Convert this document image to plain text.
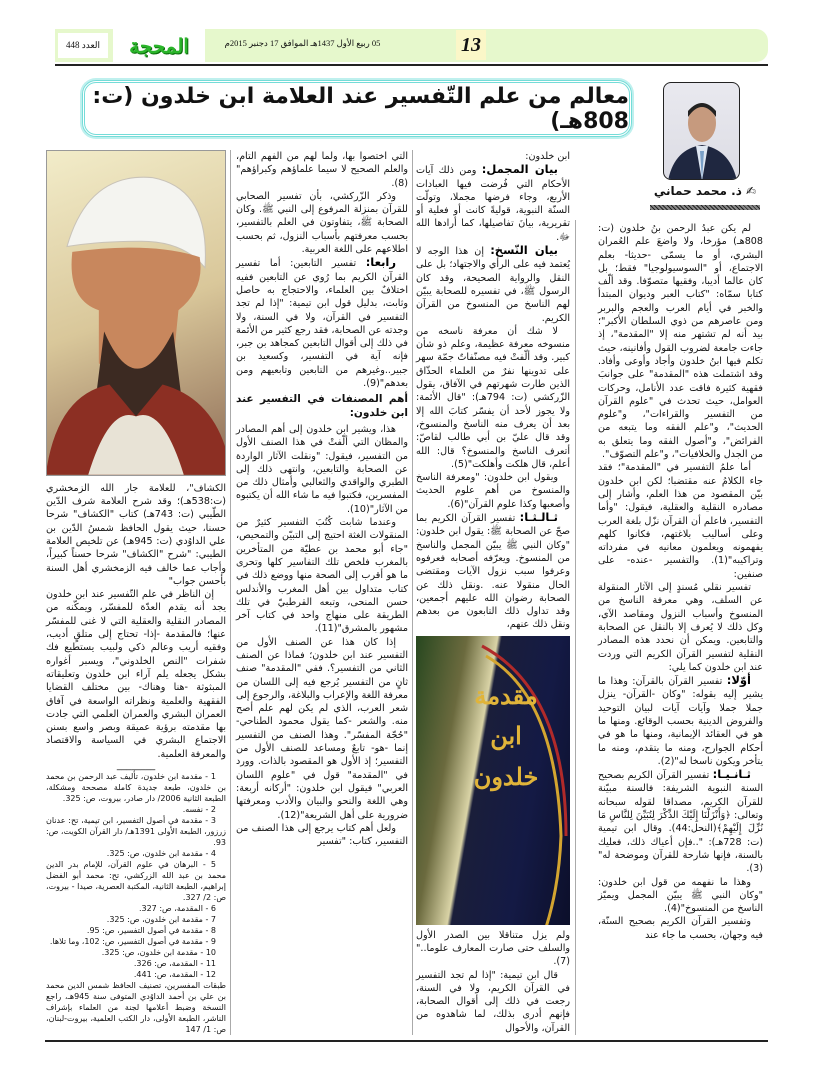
العدد 448	المحجة	05 ربيع الأول 1437هـ الموافق 17 دجنبر 2015م	13
معالم من علم التّفسير عند العلامة ابن خلدون (ت: 808هـ)
✍ ذ. محمد حماني

لم يكن عبدُ الرحمن بنُ خلدون (ت: 808هـ) مؤرخا، ولا واضعَ علم العُمران البشري، أو ما يسمّى -حديثا- بعلم الاجتماع، أو "السوسيولوجيا" فقط؛ بل كان عالما أديبا، وفقيها متصوّفا. وقد ألّف كتابا سمّاه: "كتاب العبر وديوان المبتدأ والخبر في أيام العرب والعجم والبربر ومن عاصرهم من ذوي السلطان الأكبر"؛ بيد أنه لم تشتهر منه إلا "المقدمة"، إذ جاءت جامعة لضروب القول وأفانينه، حيث تكلم فيها ابنُ خلدون وأجاد وأوعى وأفاد. وقد اشتملت هذه "المقدمة" على جوانبَ فقهية كثيرة فاقت عدد الأنامل، وحركات العوامل، حيث تحدث في "علوم القرآن من التفسير والقراءات"، و"علوم الحديث"، و"علم الفقه وما يتبعه من الفرائض"، و"أصول الفقه وما يتعلق به من الجدل والخلافيات"، و"علم التصوّف".

أما علمُ التفسير في "المقدمة"؛ فقد جاء الكلامُ عنه مقتضبا؛ لكن ابن خلدون بيّن المقصود من هذا العلم، وأشار إلى مصادره النقلية والعقلية، فيقول: "وأما التفسير، فاعلم أن القرآن نزّل بلغة العرب وعلى أساليب بلاغتهم، فكانوا كلهم يفهمونه ويعلمون معانيه في مفرداته وتراكيبه"(1). والتفسير -عنده- على صنفين:

تفسير نقلي مُسندٍ إلى الآثار المنقولة عن السلف، وهي معرفة الناسخ من المنسوخ وأسباب النزول ومقاصد الآي، وكل ذلك لا يُعرف إلا بالنقل عن الصحابة والتابعين. ويمكن أن نحدد هذه المصادر النقلية لتفسير القرآن الكريم التي وردت عند ابن خلدون كما يلي:

أوّلا: تفسير القرآن بالقرآن: وهذا ما يشير إليه بقوله: "وكان -القرآن- ينزل جملا جملا وآيات آيات لبيان التوحيد والفروض الدينية بحسب الوقائع. ومنها ما هو في العقائد الإيمانية، ومنها ما هو في أحكام الجوارح، ومنه ما يتقدم، ومنه ما يتأخر ويكون ناسخا له"(2).

ثـانـيـا: تفسير القرآن الكريم بصحيح السنة النبوية الشريفة: فالسنة مبيّنة للقرآن الكريم، مصداقا لقوله سبحانه وتعالى: ﴿وَأَنْزَلْنَا إِلَيْكَ الذِّكْرَ لِتُبَيِّنَ لِلنَّاسِ مَا نُزِّلَ إِلَيْهِمْ﴾(النحل:44). وقال ابن تيمية (ت: 728هـ): "..فإن أعياك ذلك، فعليك بالسنة، فإنها شارحة للقرآن وموضحة له"(3).

وهذا ما نفهمه من قول ابن خلدون: "وكان النبي ﷺ يبيّن المجمل ويميّز الناسخ من المنسوخ"(4).

وتفسير القرآن الكريم بصحيح السنّة، فيه وجهان، بحسب ما جاء عند

ابن خلدون:

بيان المجمل: ومن ذلك آيات الأحكام التي فُرضت فيها العبادات الأربع، وجاء فرضها مجملا، وتولّت السنّة النبوية، قوليةً كانت أو فعلية أو تقريرية، بيانَ تفاصيلها، كما أرادها الله ﷻ.

بيان النّسخ: إن هذا الوجه لا يُعتمد فيه على الرأي والاجتهاد؛ بل على النقل والرواية الصحيحة، وقد كان الرسول ﷺ، في تفسيره للصحابة يبيّن لهم الناسخ من المنسوخ من القرآن الكريم.

لا شك أن معرفة ناسخه من منسوخه معرفة عظيمة، وعلم ذو شأن كبير. وقد ألّفتْ فيه مصنّفاتٌ جمّة سهر على تدوينها نفرٌ من العلماء الحذّاق الذين طارت شهرتهم في الآفاق، يقول الزّركشي (ت: 794هـ): "قال الأئمة: ولا يجوز لأحد أن يفسّر كتابَ الله إلا بعد أن يعرف منه الناسخ والمنسوخ، وقد قال عليّ بن أبي طالب لقاصّ: أتعرف الناسخ والمنسوخ؟ قال: الله أعلم، قال هلكت وأهلكت"(5).

ويقول ابن خلدون: "ومعرفة الناسخ والمنسوخ من أهم علوم الحديث وأصعبها وكذا علوم القرآن"(6).

ثـالـثـا: تفسير القرآن الكريم بما صحّ عن الصحابة ﷺ: يقول ابن خلدون: "وكان النبي ﷺ يبيّن المجمل والناسخ من المنسوخ. ويعرّفه أصحابه فعرفوه وعرفوا سبب نزول الآيات ومقتضى الحال منقولا عنه. .ونقل ذلك عن الصحابة رضوان الله عليهم أجمعين، وقد تداول ذلك التابعون من بعدهم ونقل ذلك عنهم،

مقدمة ابن خلدون

ولم يزل متناقلا بين الصدر الأول والسلف حتى صارت المعارف علوما.."(7).

قال ابن تيمية: "إذا لم تجد التفسير في القرآن الكريم، ولا في السنة، رجعت في ذلك إلى أقوال الصحابة، فإنهم أدرى بذلك، لما شاهدوه من القرآن، والأحوال

التي اختصوا بها، ولما لهم من الفهم التام، والعلم الصحيح لا سيما علماؤهم وكبراؤهم"(8).

وذكر الزّركشي، بأن تفسير الصحابي للقرآن بمنزلة المرفوع إلى النبي ﷺ. وكان الصحابة ﷺ، يتفاوتون في العلم بالتفسير، بحسب معرفتهم بأسباب النزول، ثم بحسب اطلاعهم على اللغة العربية.

رابعا: تفسير التابعين: أما تفسير القرآن الكريم بما رُوي عن التابعين ففيه اختلافٌ بين العلماء، والاحتجاج به حاصل وثابت، بدليل قول ابن تيمية: "إذا لم تجد التفسير في القرآن، ولا في السنة، ولا وجدته عن الصحابة، فقد رجع كثير من الأئمة في ذلك إلى أقوال التابعين كمجاهد بن جبر، فإنه آية في التفسير، وكسعيد بن جبير..وغيرهم من التابعين وتابعيهم ومن بعدهم"(9).

أهم المصنفات في التفسير عند ابن خلدون:

هذا، ويشير ابن خلدون إلى أهم المصادر والمظان التي ألّفتْ في هذا الصنف الأول من التفسير، فيقول: "ونقلت الآثار الواردة عن الصحابة والتابعين، وانتهى ذلك إلى الطبري والواقدي والثعالبي وأمثال ذلك من المفسرين، فكتبوا فيه ما شاء الله أن يكتبوه من الآثار"(10).

وعندما شابت كُتُبَ التفسير كثيرٌ من المنقولات الغثة احتيج إلى التبيّن والتمحيص، "جاء أبو محمد بن عطيّة من المتأخرين بالمغرب فلخص تلك التفاسير كلها وتحرى ما هو أقرب إلى الصحة منها ووضع ذلك في كتاب متداول بين أهل المغرب والأندلس حسن المنحى، وتبعه القرطبيّ في تلك الطريقة على منهاج واحد في كتاب آخر مشهور بالمشرق"(11).

إذا كان هذا عن الصنف الأول من التفسير عند ابن خلدون؛ فماذا عن الصنف الثاني من التفسير؟. ففي "المقدمة" صنف ثانٍ من التفسير يُرجع فيه إلى اللسان من معرفة اللغة والإعراب والبلاغة، والرجوع إلى شعر العرب، الذي لم يكن لهم علم أصح منه. والشعر -كما يقول محمود الطناحي- "حُجّة المفسّر". وهذا الصنف من التفسير إنما -هو- تابعٌ ومساعد للصنف الأول من التفسير؛ إذ الأول هو المقصود بالذات. وورد في "المقدمة" قول في "علوم اللسان العربي" فيقول ابن خلدون: "أركانه أربعة: وهي اللغة والنحو والبيان والأدب ومعرفتها ضرورية على أهل الشريعة"(12).

ولعل أهم كتاب يرجع إلى هذا الصنف من التفسير، كتاب: "تفسير

الكشاف"، للعلامة جار الله الزمخشري (ت:538هـ)؛ وقد شرح العلامة شرف الدّين الطّيبي (ت: 743هـ) كتاب "الكشاف" شرحا حسنا، حيث يقول الحافظ شمسُ الدّين بن علي الداوُدي (ت: 945هـ) عن تلخيص العلامة الطيبي: "شرح "الكشاف" شرحا حسناً كبيراً، وأجاب عما خالف فيه الزمخشري أهل السنة بأحسن جواب"

إن الناظر في علم التّفسير عند ابن خلدون يجد أنه يقدم العدّة للمفسّر، ويمكّنه من المصادر النقلية والعقلية التي لا غنى للمفسّر عنها؛ فالمقدمة -إذا- تحتاج إلى متلقٍ أديب، وفقيه أريب وعالم ذكي ولبيب يستطيع فك شفرات "النص الخلدوني"، ويسبر أغواره بشكل يجعله يلم آراء ابن خلدون وتعليقاته المبثوثة -هنا وهناك- بين مختلف القضايا الفقهية والعلمية ونظراته الواسعة في آفاق العمران البشري والعمران العلمي التي جادت بها مقدمته برؤية عميقة وبصر واسع بسنن الاجتماع البشري في السياسة والاقتصاد والمعرفة العلمية.

________
1 - مقدمة ابن خلدون، تأليف عبد الرحمن بن محمد بن خلدون، طبعة جديدة كاملة مصححة ومشكلة، الطبعة الثانية 2006/ دار صادر، بيروت، ص: 325.
2 - نفسه.
3 - مقدمة في أصول التفسير، ابن تيمية، تح: عدنان زرزور، الطبعة الأولى 1391هـ/ دار القرآن الكويت، ص: 93.
4 - مقدمة ابن خلدون، ص: 325.
5 - البرهان في علوم القرآن، للإمام بدر الدين محمد بن عبد الله الزركشي، تح: محمد أبو الفضل إبراهيم، الطبعة الثانية، المكتبة العصرية، صيدا - بيروت، ص: 2/ 327.
6 - المقدمة، ص: 327.
7 - مقدمة ابن خلدون، ص: 325.
8 - مقدمة في أصول التفسير، ص: 95.
9 - مقدمة في أصول التفسير، ص: 102، وما تلاها.
10 - مقدمة ابن خلدون، ص: 325.
11 - المقدمة، ص: 326.
12 - المقدمة، ص: 441.
طبقات المفسرين، تصنيف الحافظ شمس الدين محمد بن علي بن أحمد الداوُدي المتوفى سنة 945هـ، راجع النسخة وضبط أعلامها لجنة من العلماء بإشراف الناشر، الطبعة الأولى، دار الكتب العلمية، بيروت-لبنان، ص: 1/ 147
